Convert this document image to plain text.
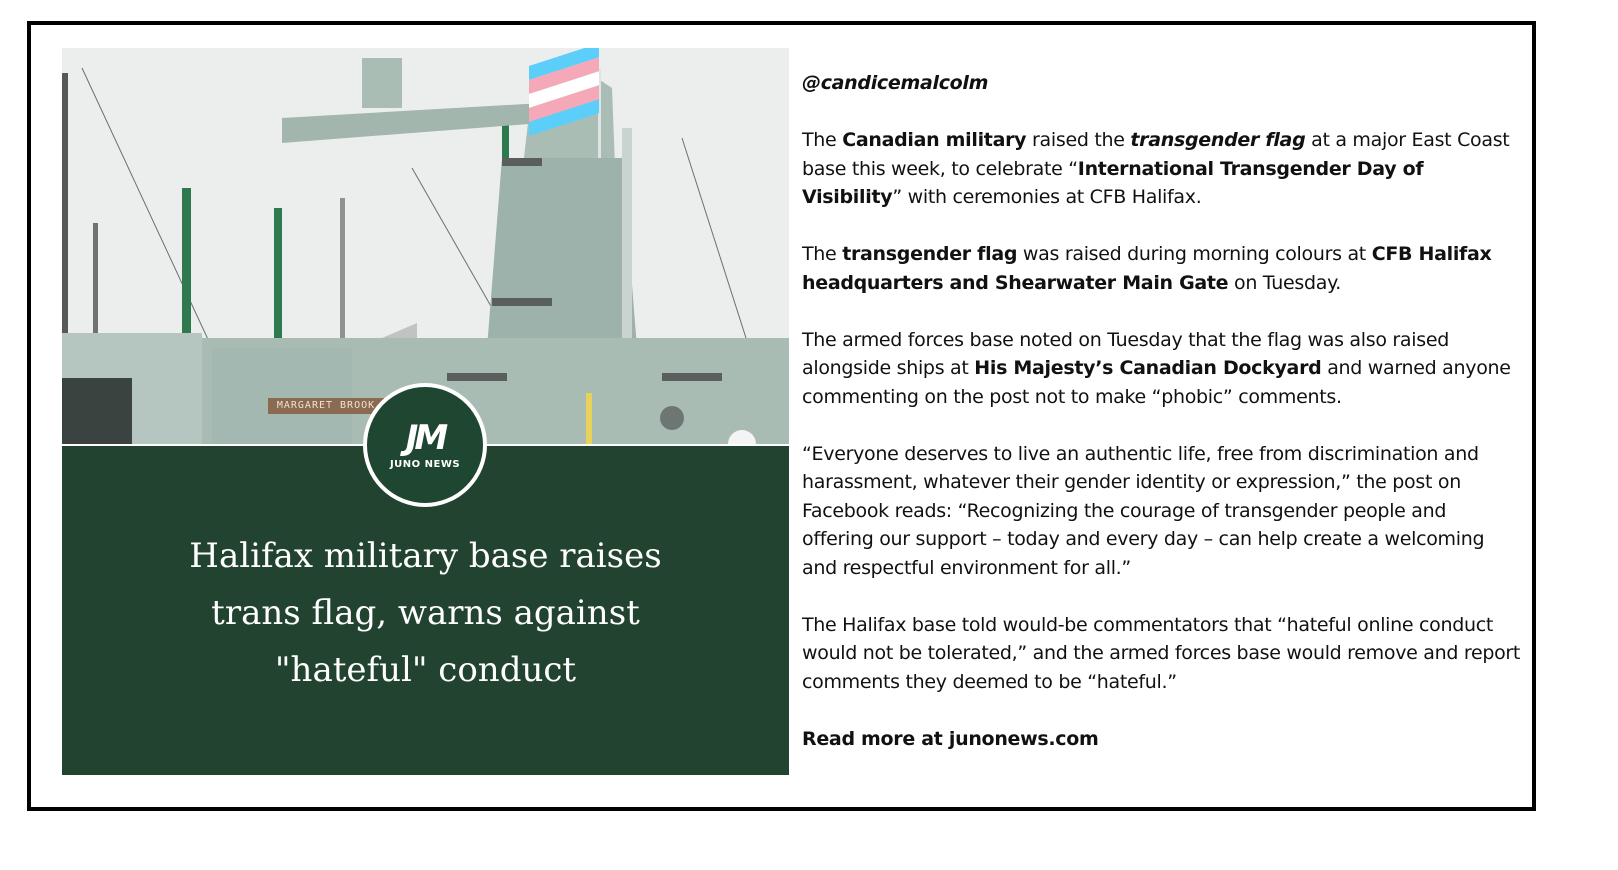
MARGARET BROOK
JM
JUNO NEWS
Halifax military base raises
trans flag, warns against
"hateful" conduct

@candicemalcolm

The Canadian military raised the transgender flag at a major East Coast base this week, to celebrate “International Transgender Day of Visibility” with ceremonies at CFB Halifax.

The transgender flag was raised during morning colours at CFB Halifax headquarters and Shearwater Main Gate on Tuesday.

The armed forces base noted on Tuesday that the flag was also raised alongside ships at His Majesty’s Canadian Dockyard and warned anyone commenting on the post not to make “phobic” comments.

“Everyone deserves to live an authentic life, free from discrimination and harassment, whatever their gender identity or expression,” the post on Facebook reads: “Recognizing the courage of transgender people and offering our support – today and every day – can help create a welcoming and respectful environment for all.”

The Halifax base told would-be commentators that “hateful online conduct would not be tolerated,” and the armed forces base would remove and report comments they deemed to be “hateful.”

Read more at junonews.com
